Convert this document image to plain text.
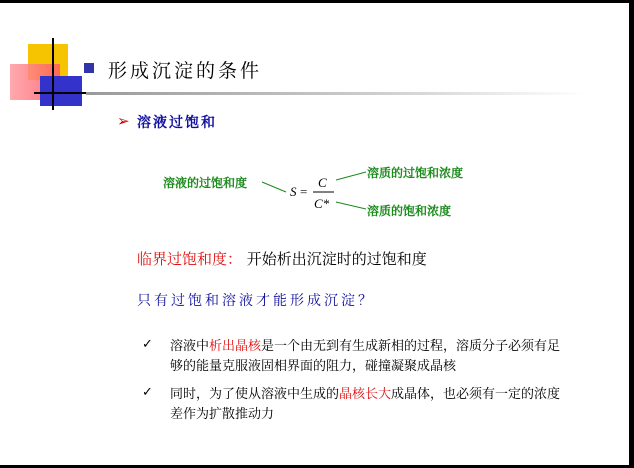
形成沉淀的条件
➢ 溶液过饱和
溶液的过饱和度
溶质的过饱和浓度
溶质的饱和浓度
S =
C
C*
临界过饱和度： 开始析出沉淀时的过饱和度
只有过饱和溶液才能形成沉淀？
✓ 溶液中析出晶核是一个由无到有生成新相的过程，溶质分子必须有足够的能量克服液固相界面的阻力，碰撞凝聚成晶核
✓ 同时，为了使从溶液中生成的晶核长大成晶体，也必须有一定的浓度差作为扩散推动力
